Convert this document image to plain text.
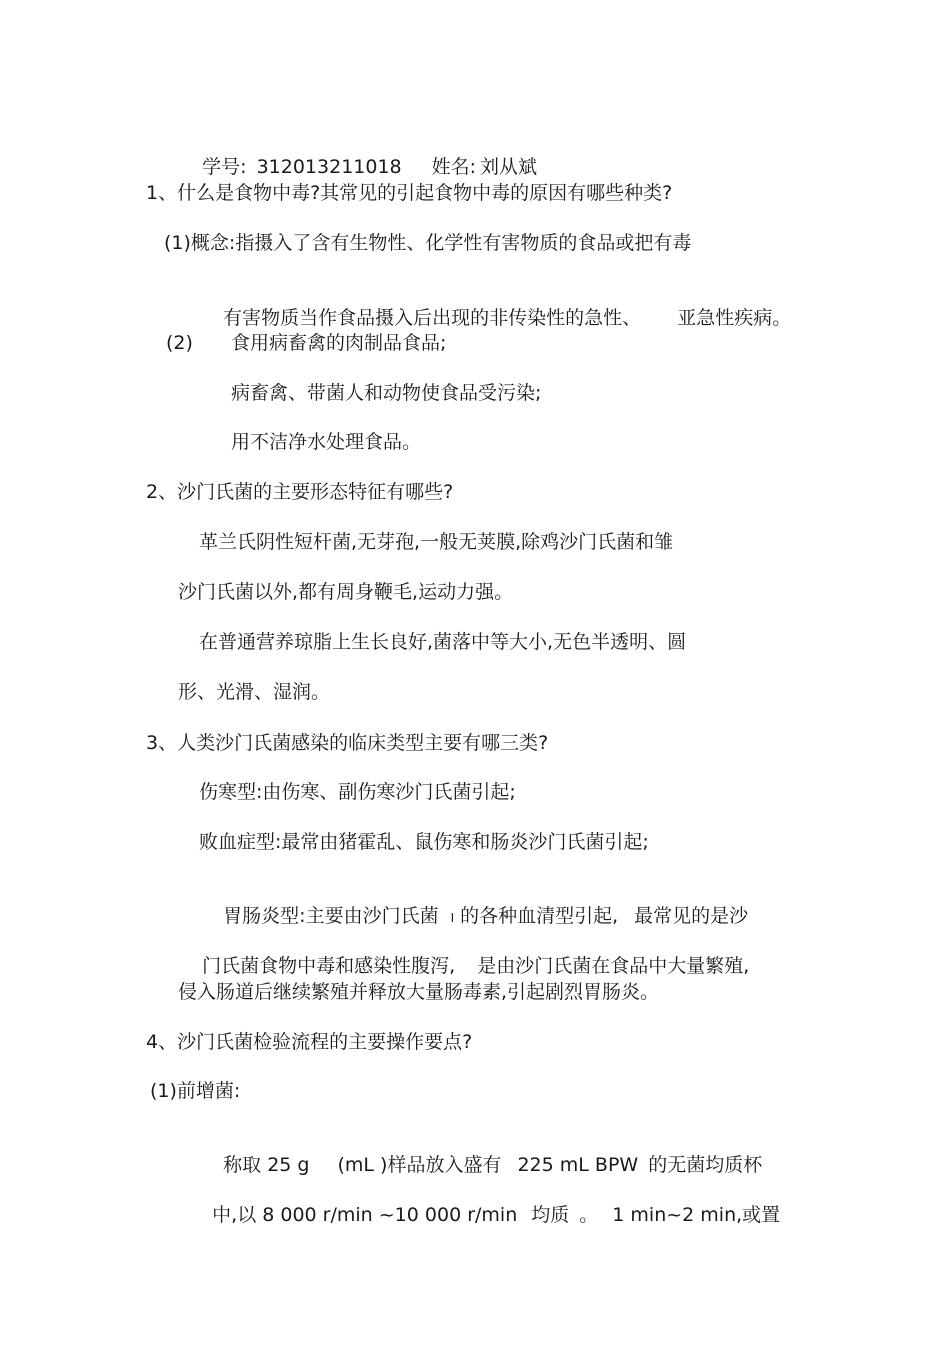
学号: 312013211018 姓名: 刘从斌

1、什么是食物中毒?其常见的引起食物中毒的原因有哪些种类?
(1)概念:指摄入了含有生物性、化学性有害物质的食品或把有毒

有害物质当作食品摄入后出现的非传染性的急性、 亚急性疾病。

(2) 食用病畜禽的肉制品食品;
病畜禽、带菌人和动物使食品受污染;
用不洁净水处理食品。
2、沙门氏菌的主要形态特征有哪些?
革兰氏阴性短杆菌,无芽孢,一般无荚膜,除鸡沙门氏菌和雏
沙门氏菌以外,都有周身鞭毛,运动力强。
在普通营养琼脂上生长良好,菌落中等大小,无色半透明、圆
形、光滑、湿润。
3、人类沙门氏菌感染的临床类型主要有哪三类?
伤寒型:由伤寒、副伤寒沙门氏菌引起;
败血症型:最常由猪霍乱、鼠伤寒和肠炎沙门氏菌引起;

胃肠炎型:主要由沙门氏菌 I 的各种血清型引起, 最常见的是沙

门氏菌食物中毒和感染性腹泻, 是由沙门氏菌在食品中大量繁殖,

侵入肠道后继续繁殖并释放大量肠毒素,引起剧烈胃肠炎。
4、沙门氏菌检验流程的主要操作要点?
(1)前增菌:

称取 25 g (mL )样品放入盛有 225 mL BPW 的无菌均质杯

中,以 8 000 r/min ~10 000 r/min 均质 。 1 min~2 min,或置
